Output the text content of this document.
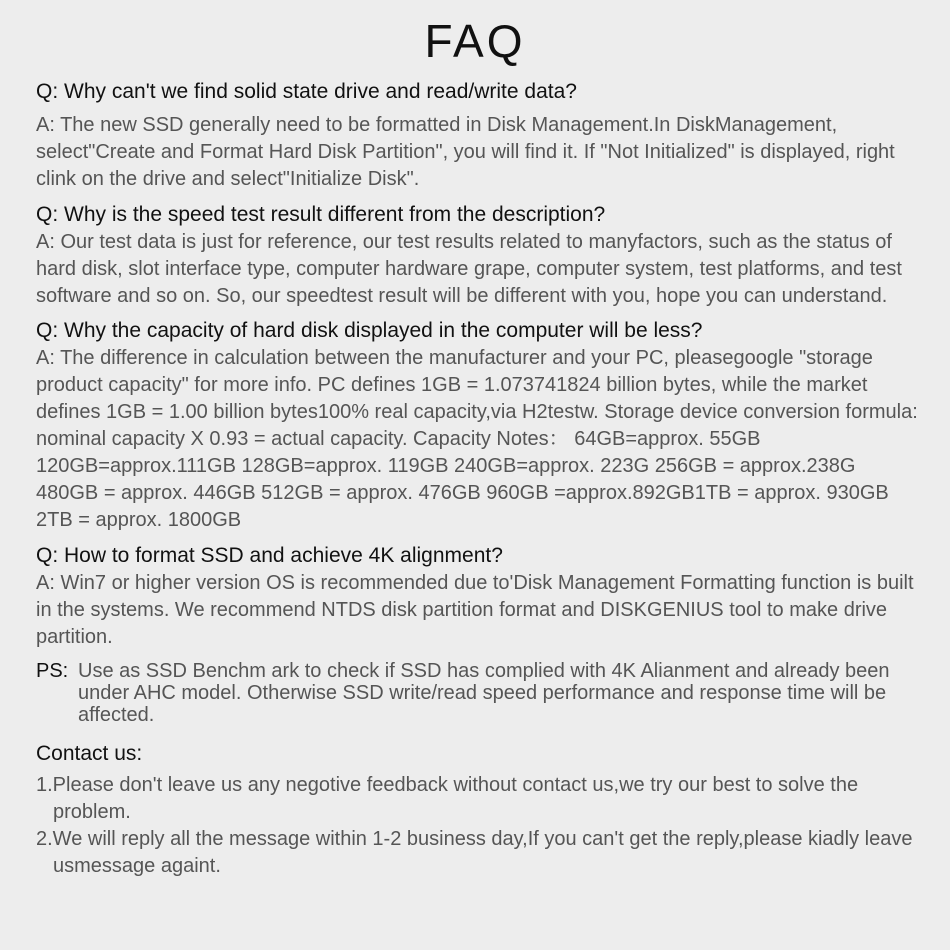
FAQ

Q: Why can't we find solid state drive and read/write data?

A: The new SSD generally need to be formatted in Disk Management.In DiskManagement, select"Create and Format Hard Disk Partition", you will find it. If "Not Initialized" is displayed, right clink on the drive and select"Initialize Disk".

Q: Why is the speed test result different from the description?

A: Our test data is just for reference, our test results related to manyfactors, such as the status of hard disk, slot interface type, computer hardware grape, computer system, test platforms, and test software and so on. So, our speedtest result will be different with you, hope you can understand.

Q: Why the capacity of hard disk displayed in the computer will be less?

A: The difference in calculation between the manufacturer and your PC, pleasegoogle "storage product capacity" for more info. PC defines 1GB = 1.073741824 billion bytes, while the market defines 1GB = 1.00 billion bytes100% real capacity,via H2testw. Storage device conversion formula: nominal capacity X 0.93 = actual capacity. Capacity Notes： 64GB=approx. 55GB 120GB=approx.111GB 128GB=approx. 119GB 240GB=approx. 223G 256GB = approx.238G 480GB = approx. 446GB 512GB = approx. 476GB 960GB =approx.892GB1TB = approx. 930GB 2TB = approx. 1800GB

Q: How to format SSD and achieve 4K alignment?

A: Win7 or higher version OS is recommended due to'Disk Management Formatting function is built in the systems. We recommend NTDS disk partition format and DISKGENIUS tool to make drive partition.

PS: Use as SSD Benchm ark to check if SSD has complied with 4K Alianment and already been under AHC model. Otherwise SSD write/read speed performance and response time will be affected.

Contact us:

1.Please don't leave us any negotive feedback without contact us,we try our best to solve the problem.

2.We will reply all the message within 1-2 business day,If you can't get the reply,please kiadly leave usmessage againt.
